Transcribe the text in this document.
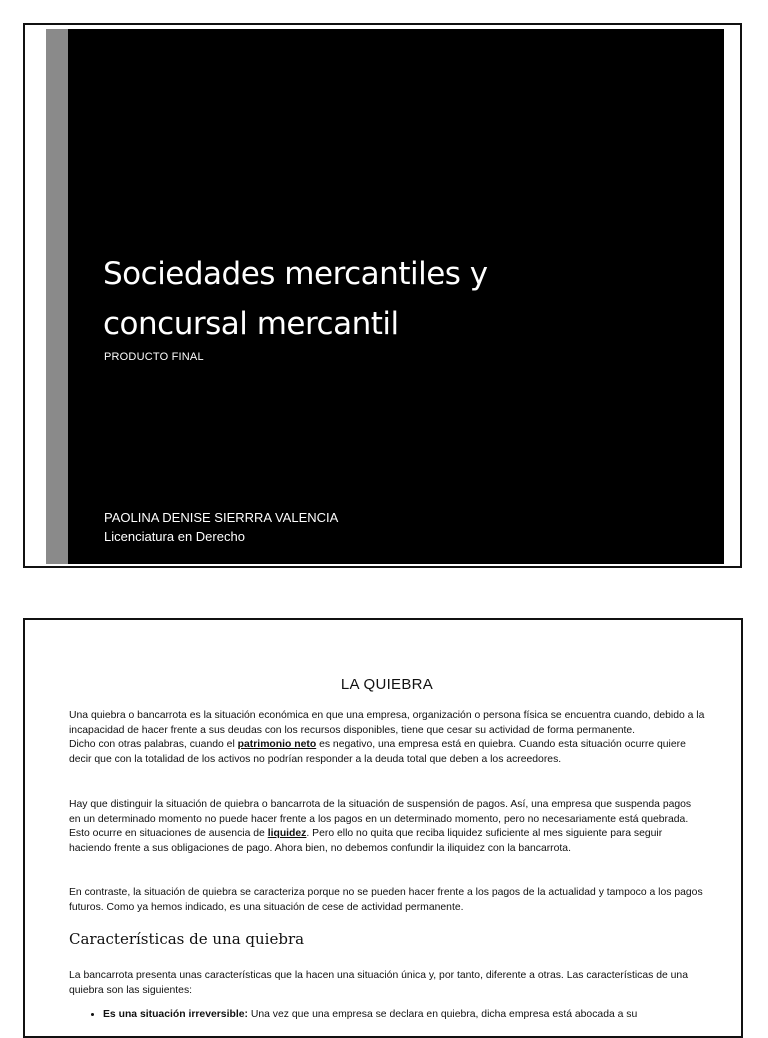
Sociedades mercantiles y
concursal mercantil

PRODUCTO FINAL

PAOLINA DENISE SIERRRA VALENCIA
Licenciatura en Derecho
LA QUIEBRA

Una quiebra o bancarrota es la situación económica en que una empresa, organización o persona física se encuentra cuando, debido a la incapacidad de hacer frente a sus deudas con los recursos disponibles, tiene que cesar su actividad de forma permanente.

Dicho con otras palabras, cuando el patrimonio neto es negativo, una empresa está en quiebra. Cuando esta situación ocurre quiere decir que con la totalidad de los activos no podrían responder a la deuda total que deben a los acreedores.

Hay que distinguir la situación de quiebra o bancarrota de la situación de suspensión de pagos. Así, una empresa que suspenda pagos en un determinado momento no puede hacer frente a los pagos en un determinado momento, pero no necesariamente está quebrada. Esto ocurre en situaciones de ausencia de liquidez. Pero ello no quita que reciba liquidez suficiente al mes siguiente para seguir haciendo frente a sus obligaciones de pago. Ahora bien, no debemos confundir la iliquidez con la bancarrota.

En contraste, la situación de quiebra se caracteriza porque no se pueden hacer frente a los pagos de la actualidad y tampoco a los pagos futuros. Como ya hemos indicado, es una situación de cese de actividad permanente.

Características de una quiebra

La bancarrota presenta unas características que la hacen una situación única y, por tanto, diferente a otras. Las características de una quiebra son las siguientes:

• Es una situación irreversible: Una vez que una empresa se declara en quiebra, dicha empresa está abocada a su
